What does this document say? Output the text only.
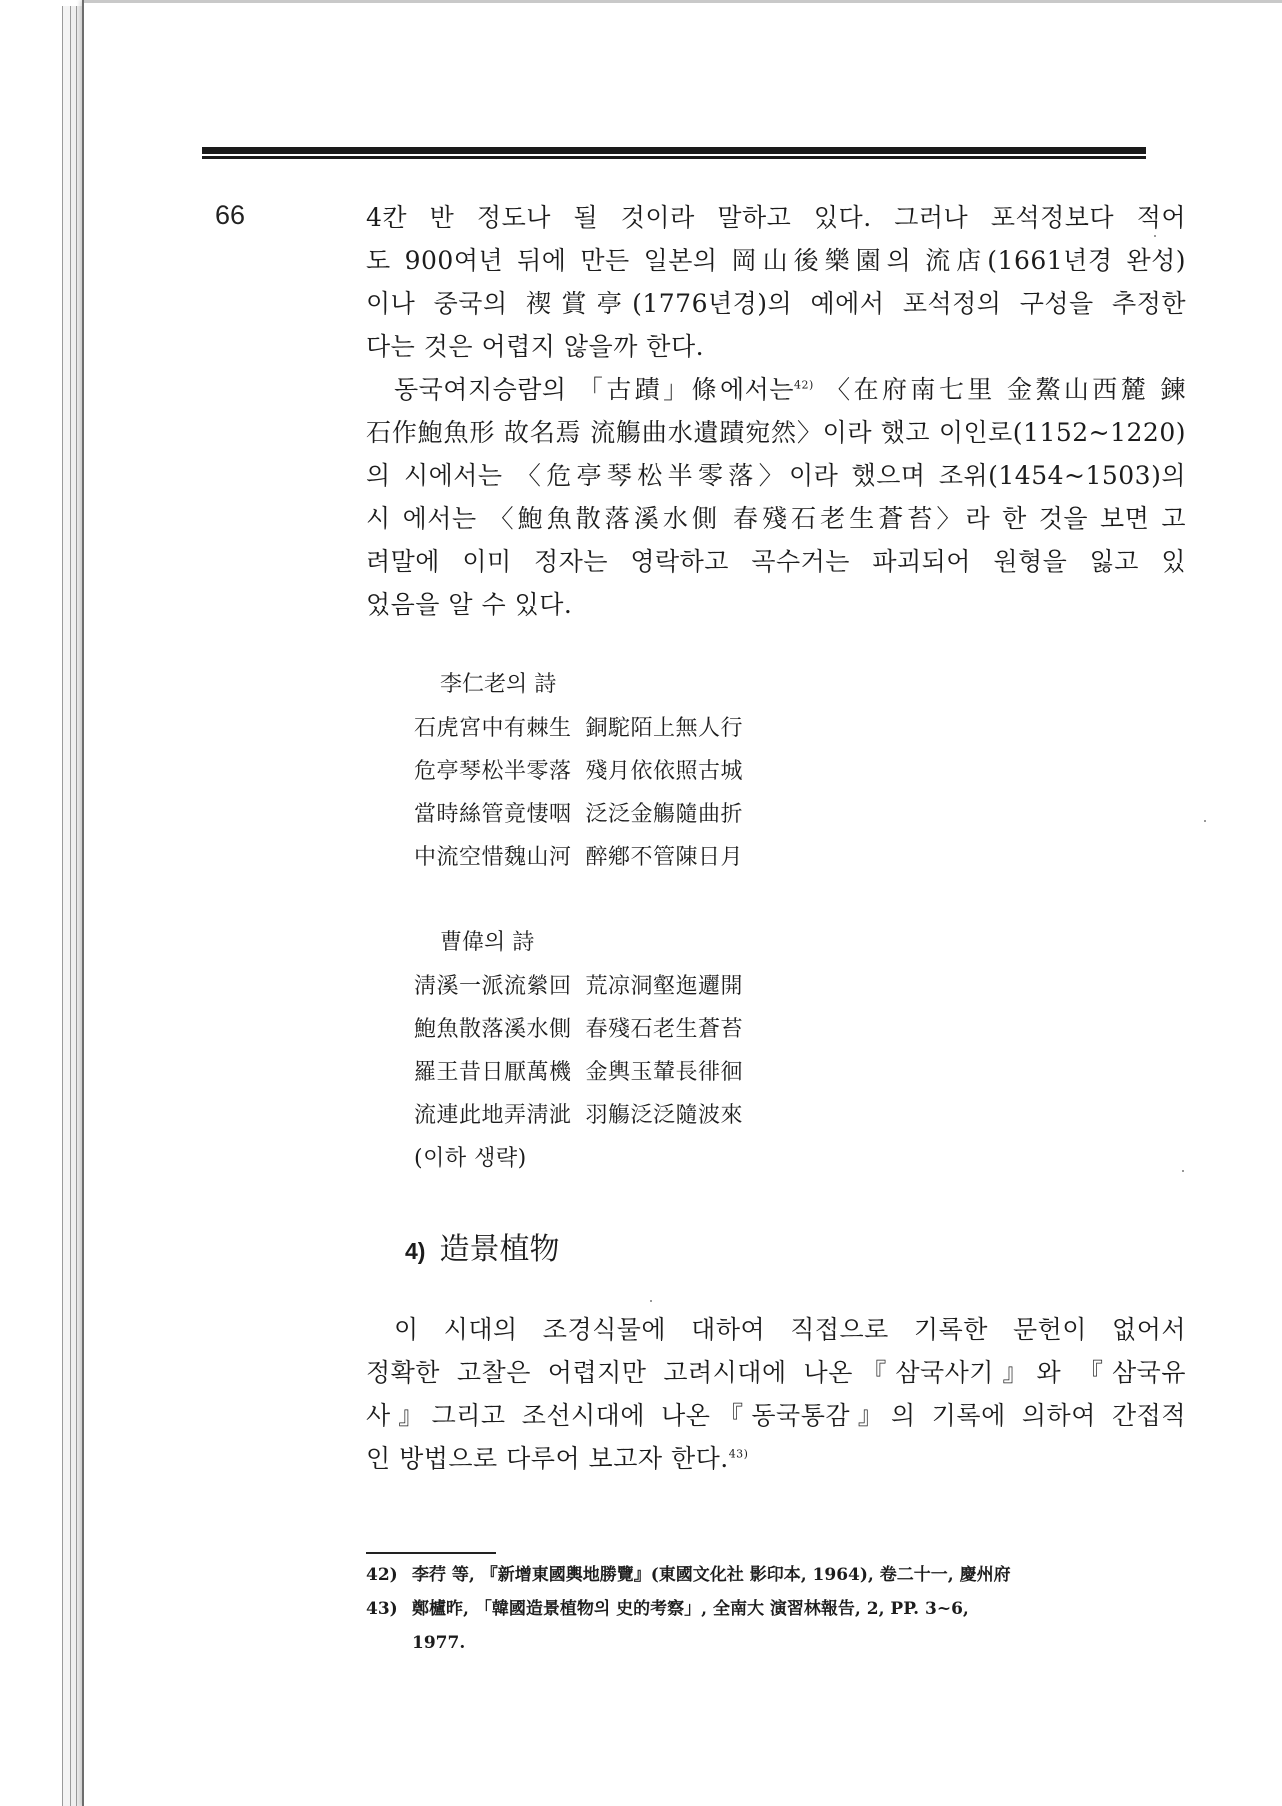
66	4칸 반 정도나 될 것이라 말하고 있다. 그러나 포석정보다 적어
도 900여년 뒤에 만든 일본의 岡山後樂園의 流店(1661년경 완성)
이나 중국의 禊賞亭(1776년경)의 예에서 포석정의 구성을 추정한
다는 것은 어렵지 않을까 한다.
동국여지승람의 「古蹟」條에서는$^{42)}$ 〈在府南七里 金鰲山西麓 鍊
石作鮑魚形 故名焉 流觴曲水遺蹟宛然〉이라 했고 이인로(1152~1220)
의 시에서는 〈危亭琴松半零落〉이라 했으며 조위(1454~1503)의
시 에서는 〈鮑魚散落溪水側 春殘石老生蒼苔〉라 한 것을 보면 고
려말에 이미 정자는 영락하고 곡수거는 파괴되어 원형을 잃고 있
었음을 알 수 있다.
李仁老의 詩
石虎宮中有棘生 銅駝陌上無人行
危亭琴松半零落 殘月依依照古城
當時絲管竟悽咽 泛泛金觴隨曲折
中流空惜魏山河 醉鄕不管陳日月
曹偉의 詩
淸溪一派流縈回 荒凉洞壑迤邐開
鮑魚散落溪水側 春殘石老生蒼苔
羅王昔日厭萬機 金輿玉輦長徘徊
流連此地弄淸泚 羽觴泛泛隨波來
(이하 생략)
4) 造景植物
이 시대의 조경식물에 대하여 직접으로 기록한 문헌이 없어서
정확한 고찰은 어렵지만 고려시대에 나온『삼국사기』와 『삼국유
사』그리고 조선시대에 나온『동국통감』의 기록에 의하여 간접적
인 방법으로 다루어 보고자 한다.$^{43)}$
42) 李荇 等, 『新增東國輿地勝覽』(東國文化社 影印本, 1964), 卷二十一, 慶州府
43) 鄭櫨昨, 「韓國造景植物의 史的考察」, 全南大 演習林報告, 2, PP. 3~6,
1977.
